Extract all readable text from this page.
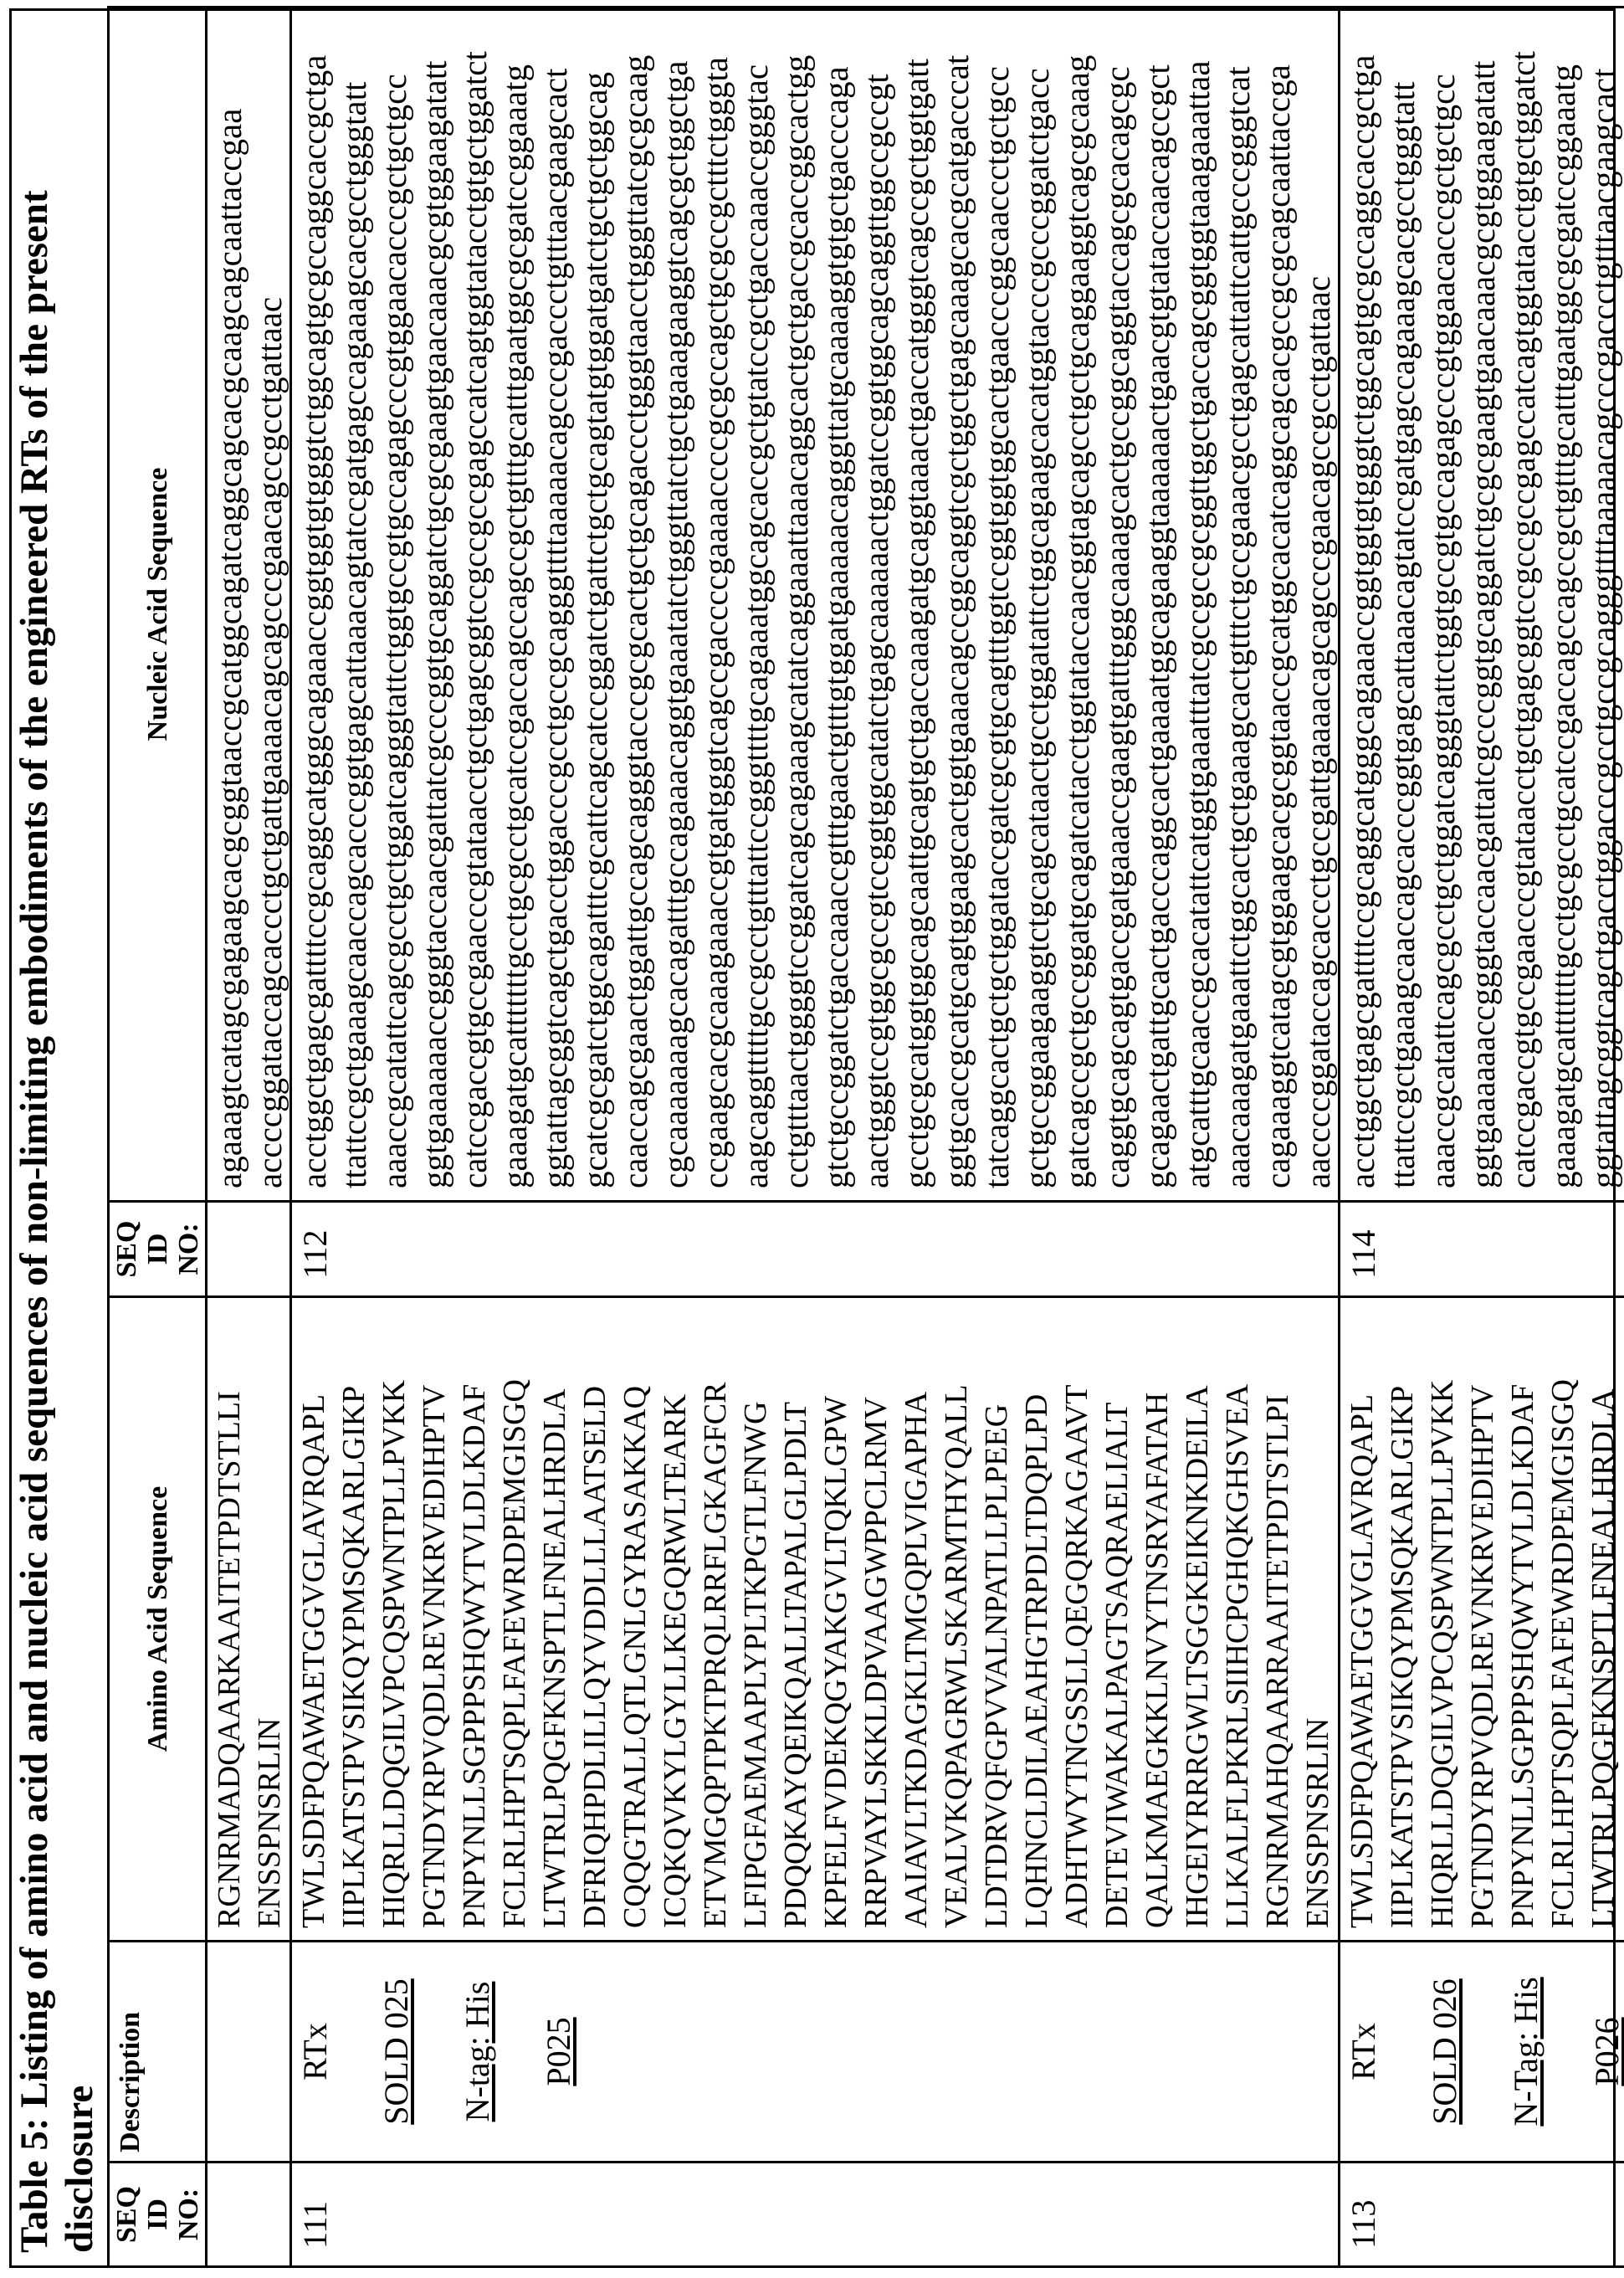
Table 5: Listing of amino acid and nucleic acid sequences of non-limiting embodiments of the engineered RTs of the present disclosure SEQ ID NO:
	Description	Amino Acid Sequence	
SEQ ID NO:
	Nucleic Acid Sequence

RGNRMADQAARKAAITETPDTSTLLI ENSSPNSRLIN

agaaagtcatagcgagaagcacgcggtaaccgcatggcagatcaggcagcacgcaagcagcaattaccgaa accccggataccagcaccctgctgattgaaaacagcagcccgaacagccgcctgattaac

111	
RTx	SOLD 025	N-tag: His	P025

TWLSDFPQAWAETGGVGLAVRQAPL IIPLKATSTPVSIKQYPMSQKARLGIKP HIQRLLDQGILVPCQSPWNTPLLPVKK PGTNDYRPVQDLREVNKRVEDIHPTV PNPYNLLSGPPPSHQWYTVLDLKDAF FCLRLHPTSQPLFAFEWRDPEMGISGQ LTWTRLPQGFKNSPTLFNEALHRDLA DFRIQHPDLILLQYVDDLLLAATSELD CQQGTRALLQTLGNLGYRASAKKAQ ICQKQVKYLGYLLKEGQRWLTEARK ETVMGQPTPKTPRQLRRFLGKAGFCR LFIPGFAEMAAPLYPLTKPGTLFNWG PDQQKAYQEIKQALLTAPALGLPDLT KPFELFVDEKQGYAKGVLTQKLGPW RRPVAYLSKKLDPVAAGWPPCLRMV AAIAVLTKDAGKLTMGQPLVIGAPHA VEALVKQPAGRWLSKARMTHYQALL LDTDRVQFGPVVALNPATLLPLPEEG LQHNCLDILAEAHGTRPDLTDQPLPD ADHTWYTNGSSLLQEGQRKAGAAVT DETEVIWAKALPAGTSAQRAELIALT QALKMAEGKKLNVYTNSRYAFATAH IHGEIYRRRGWLTSGGKEIKNKDEILA LLKALFLPKRLSIIHCPGHQKGHSVEA RGNRMAHQAARRAAITETPDTSTLPI ENSSPNSRLIN
	112	
acctggctgagcgattttccgcaggcatgggcagaaaccggtggtgtgggtctggcagtgcgccaggcaccgctga ttattccgctgaaagcaaccagcacccggtgagcattaaacagtatccgatgagccagaaagcacgcctgggtatt aaaccgcatattcagcgcctgctggatcagggtattctggtgccgtgccagagcccgtggaacacccgctgctgcc ggtgaaaaaaccgggtaccaacgattatcgcccggtgcaggatctgcgcgaagtgaacaaacgcgtggaagatatt catccgaccgtgccgaacccgtataacctgctgagcggtccgccgccgagccatcagtggtatacctgtgctggatct gaaagatgcatttttttgcctgcgcctgcatccgaccagccagccgctgtttgcatttgaatggcgcgatccggaaatg ggtattagcggtcagctgacctggacccgcctgccgcagggttttaaaaacagcccgaccctgtttaacgaagcact gcatcgcgatctggcagatttcgcattcagcatccggatctgattctgctgcagtatgtggatgatctgctgctggcag caaccagcgaactggattgccagcagggtacccgcgcactgctgcagaccctgggtaacctgggttatcgcgcaag cgcaaaaaaagcacagatttgccagaaacaggtgaaatatctgggttatctgctgaaagaaggtcagcgctggctga ccgaagcacgcaaagaaaccgtgatgggtcagccgaccccgaaaaccccgcgccagctgcgccgctttctgggta aagcaggtttttgccgcctgtttattccgggttttgcagaaatggcagcaccgctgtatccgctgaccaaaccgggtac cctgtttaactggggtccggatcagcagaaagcatatcaggaaattaaacaggcactgctgaccgcaccggcactgg gtctgccggatctgaccaaaccgtttgaactgtttgtggatgaaaaacagggttatgcaaaaggtgtgctgacccaga aactgggtccgtggcgccgtccggtggcatatctgagcaaaaaactggatccggtggcagcaggttggccgccgt gcctgcgcatggtggcagcaattgcagtgctgaccaaagatgcaggtaaactgaccatgggtcagccgctggtgatt ggtgcaccgcatgcagtggaagcactggtgaaacagccggcaggtcgctggctgagcaaagcacgcatgacccat tatcaggcactgctgctggataccgatcgcgtgcagtttggtccggtggtggcactgaacccggcaaccctgctgcc gctgccggaagaaggtctgcagcataactgcctggatattctggcagaagcacatggtacccgcccggatctgacc gatcagccgctgccggatgcagatcatacctggtataccaacggtagcagcctgctgcaggaaggtcagcgcaaag caggtgcagcagtgaccgatgaaaccgaagtgatttgggcaaaagcactgccggcaggtaccagcgcacagcgc gcagaactgattgcactgacccaggcactgaaaatggcagaaggtaaaaaactgaacgtgtataccaacagccgct atgcatttgcaaccgcacatattcatggtgaaatttatcgccgccgcggttggctgaccagcggtggtaaagaaattaa aaacaaagatgaaattctggcactgctgaaagcactgtttctgccgaaacgcctgagcattattcattgcccgggtcat cagaaaggtcatagcgtggaagcacgcggtaaccgcatggcacatcaggcagcacgccgcgcagcaattaccga aaccccggataccagcaccctgccgattgaaaacagcagcccgaacagccgcctgattaac

113	
RTx	SOLD 026	N-Tag: His	P026

TWLSDFPQAWAETGGVGLAVRQAPL IIPLKATSTPVSIKQYPMSQKARLGIKP HIQRLLDQGILVPCQSPWNTPLLPVKK PGTNDYRPVQDLREVNKRVEDIHPTV PNPYNLLSGPPPSHQWYTVLDLKDAF FCLRLHPTSQPLFAFEWRDPEMGISGQ LTWTRLPQGFKNSPTLFNEALHRDLA
	114	
acctggctgagcgattttccgcaggcatgggcagaaaccggtggtgtgggtctggcagtgcgccaggcaccgctga ttattccgctgaaagcaaccagcacccggtgagcattaaacagtatccgatgagccagaaagcacgcctgggtatt aaaccgcatattcagcgcctgctggatcagggtattctggtgccgtgccagagcccgtggaacacccgctgctgcc ggtgaaaaaaccgggtaccaacgattatcgcccggtgcaggatctgcgcgaagtgaacaaacgcgtggaagatatt catccgaccgtgccgaacccgtataacctgctgagcggtccgccgccgagccatcagtggtatacctgtgctggatct gaaagatgcatttttttgcctgcgcctgcatccgaccagccagccgctgtttgcatttgaatggcgcgatccggaaatg ggtattagcggtcagctgacctggacccgcctgccgcagggttttaaaaacagcccgaccctgtttaacgaagcact
